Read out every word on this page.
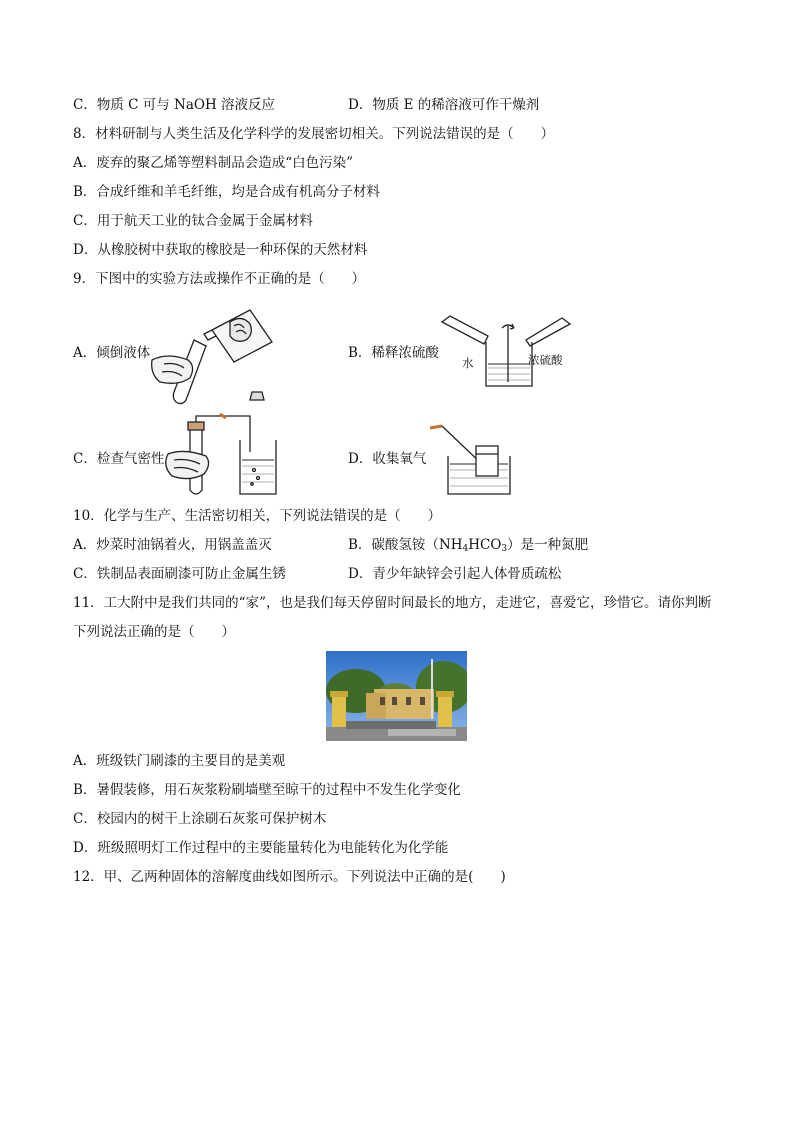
C．物质 C 可与 NaOH 溶液反应	D．物质 E 的稀溶液可作干燥剂
8．材料研制与人类生活及化学科学的发展密切相关。下列说法错误的是（　　）
A．废弃的聚乙烯等塑料制品会造成“白色污染”
B．合成纤维和羊毛纤维，均是合成有机高分子材料
C．用于航天工业的钛合金属于金属材料
D．从橡胶树中获取的橡胶是一种环保的天然材料
9．下图中的实验方法或操作不正确的是（　　）
A．倾倒液体	B．稀释浓硫酸
水	浓硫酸
C．检查气密性	D．收集氧气
10．化学与生产、生活密切相关，下列说法错误的是（　　）
A．炒菜时油锅着火，用锅盖盖灭	B．碳酸氢铵$(NH_4HCO_3)$是一种氮肥
C．铁制品表面刷漆可防止金属生锈	D．青少年缺锌会引起人体骨质疏松
11．工大附中是我们共同的“家”，也是我们每天停留时间最长的地方，走进它，喜爱它，珍惜它。请你判断
下列说法正确的是（　　）
A．班级铁门刷漆的主要目的是美观
B．暑假装修，用石灰浆粉刷墙壁至晾干的过程中不发生化学变化
C．校园内的树干上涂刷石灰浆可保护树木
D．班级照明灯工作过程中的主要能量转化为电能转化为化学能
12．甲、乙两种固体的溶解度曲线如图所示。下列说法中正确的是(　　)
